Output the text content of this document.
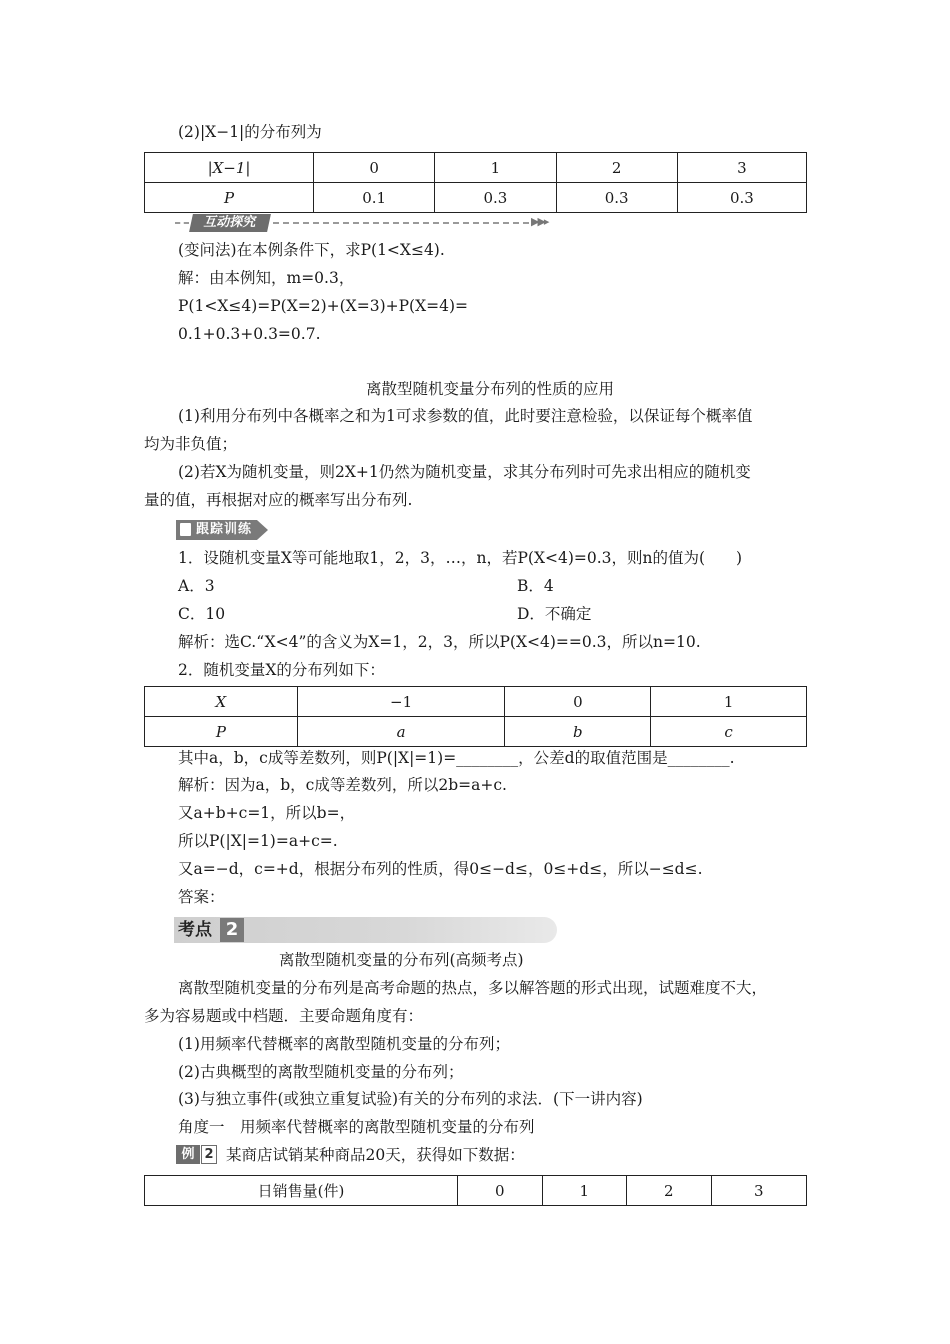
(2)|X−1|的分布列为
|X−1|	0	1	2	3
P	0.1	0.3	0.3	0.3
互动探究	▶▶▸
(变问法)在本例条件下，求P(1<X≤4).
解：由本例知，m=0.3，
P(1<X≤4)=P(X=2)+(X=3)+P(X=4)=
0.1+0.3+0.3=0.7.
离散型随机变量分布列的性质的应用
(1)利用分布列中各概率之和为1可求参数的值，此时要注意检验，以保证每个概率值
均为非负值；
(2)若X为随机变量，则2X+1仍然为随机变量，求其分布列时可先求出相应的随机变
量的值，再根据对应的概率写出分布列.
跟踪训练
1．设随机变量X等可能地取1，2，3，…，n，若P(X<4)=0.3，则n的值为(　　)
A．3	B．4
C．10	D．不确定
解析：选C.“X<4”的含义为X=1，2，3，所以P(X<4)==0.3，所以n=10.
2．随机变量X的分布列如下：
X	−1	0	1
P	a	b	c
其中a，b，c成等差数列，则P(|X|=1)=________，公差d的取值范围是________.
解析：因为a，b，c成等差数列，所以2b=a+c.
又a+b+c=1，所以b=，
所以P(|X|=1)=a+c=.
又a=−d，c=+d，根据分布列的性质，得0≤−d≤，0≤+d≤，所以−≤d≤.
答案：
考点 2
离散型随机变量的分布列(高频考点)
离散型随机变量的分布列是高考命题的热点，多以解答题的形式出现，试题难度不大，
多为容易题或中档题．主要命题角度有：
(1)用频率代替概率的离散型随机变量的分布列；
(2)古典概型的离散型随机变量的分布列；
(3)与独立事件(或独立重复试验)有关的分布列的求法．(下一讲内容)
角度一　用频率代替概率的离散型随机变量的分布列
例 2 某商店试销某种商品20天，获得如下数据：
日销售量(件)	0	1	2	3
